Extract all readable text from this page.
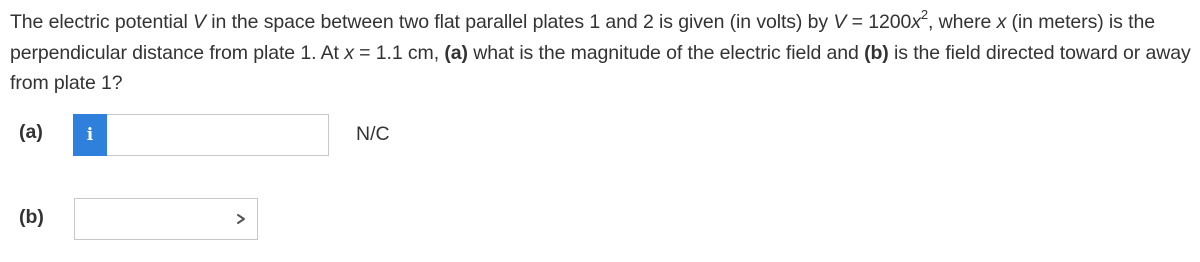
The electric potential V in the space between two flat parallel plates 1 and 2 is given (in volts) by $V = 1200x^2$, where x (in meters) is the perpendicular distance from plate 1. At x = 1.1 cm, (a) what is the magnitude of the electric field and (b) is the field directed toward or away from plate 1?
(a)	i	N/C
(b)
